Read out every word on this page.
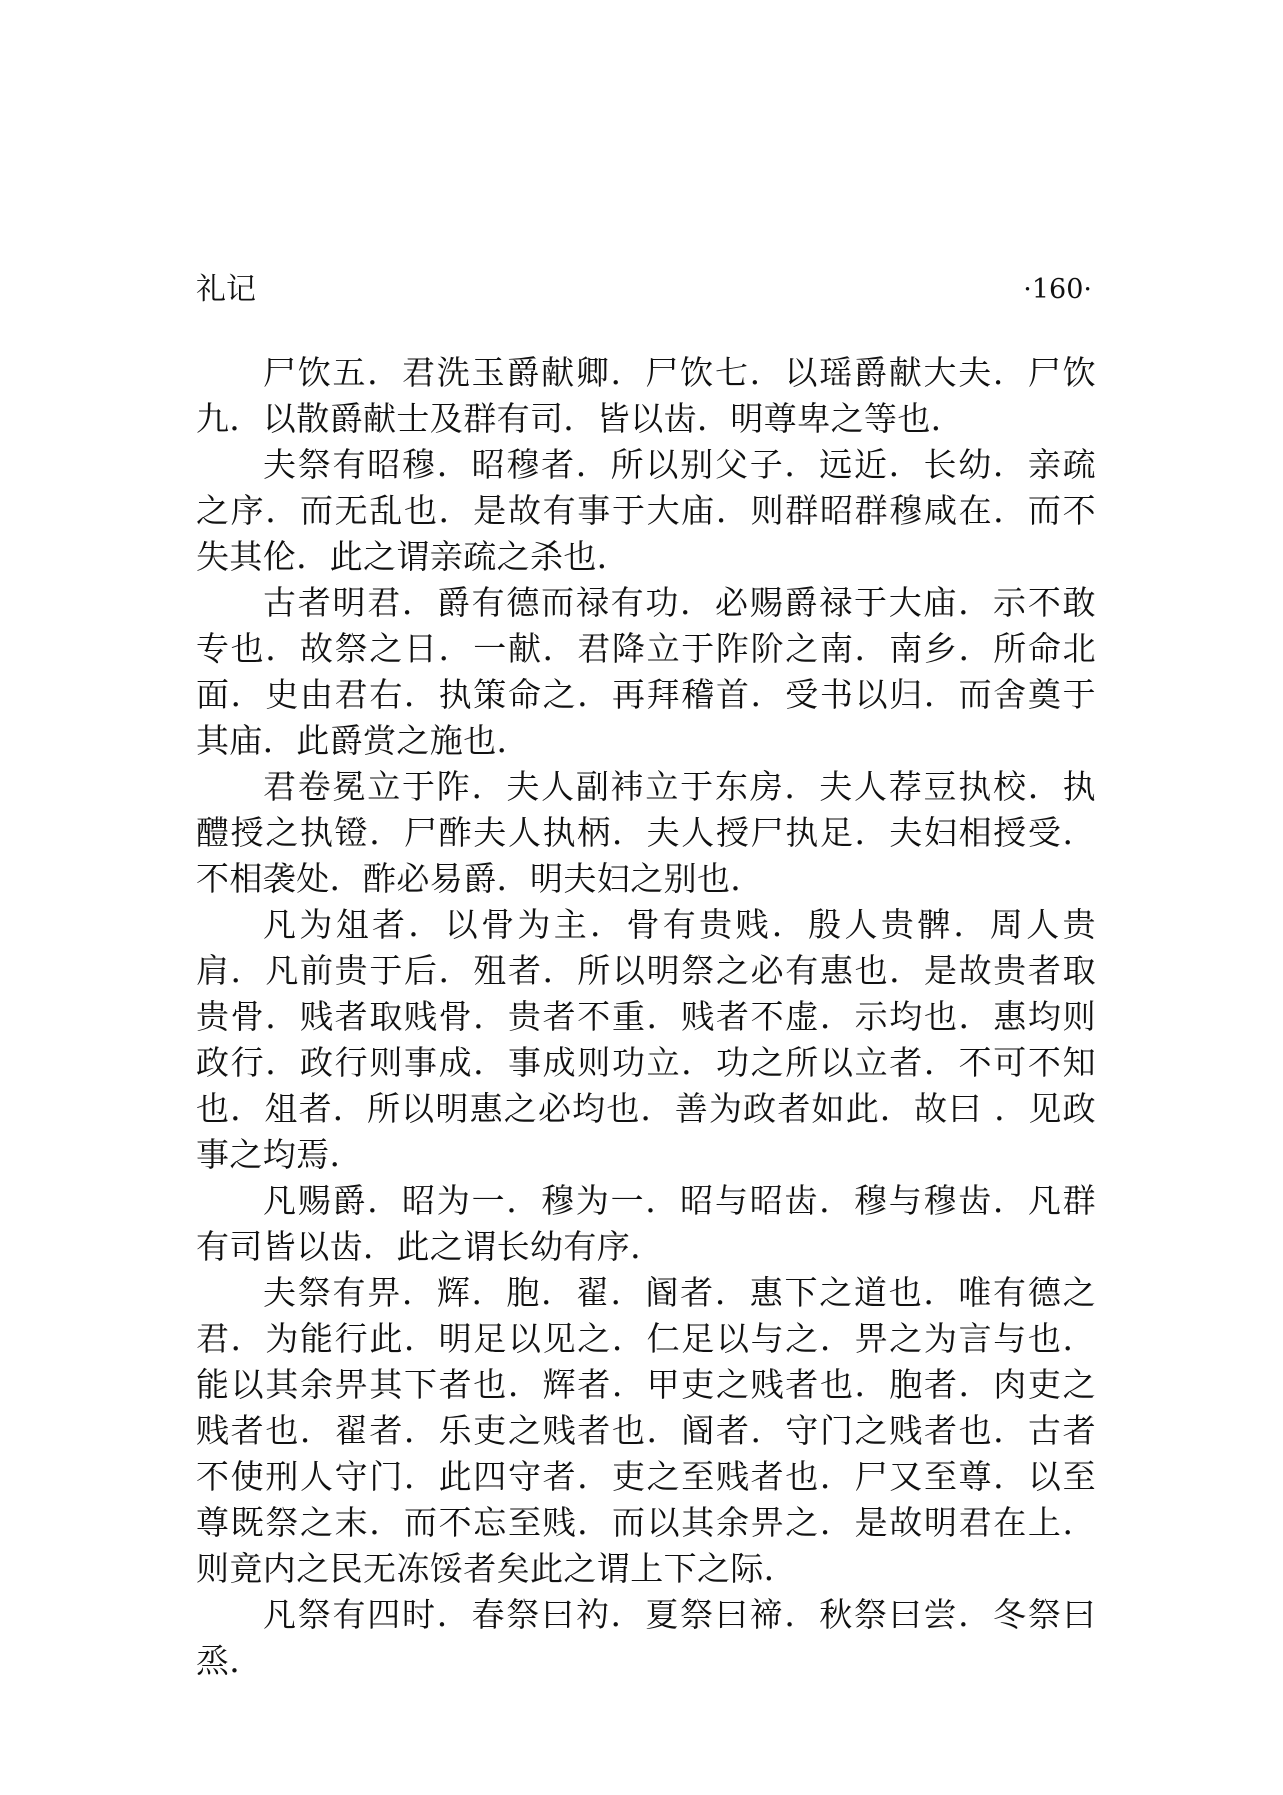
礼记	·160·

尸饮五．君洗玉爵献卿．尸饮七．以瑶爵献大夫．尸饮九．以散爵献士及群有司．皆以齿．明尊卑之等也．

夫祭有昭穆．昭穆者．所以别父子．远近．长幼．亲疏之序．而无乱也．是故有事于大庙．则群昭群穆咸在．而不失其伦．此之谓亲疏之杀也．

古者明君．爵有德而禄有功．必赐爵禄于大庙．示不敢专也．故祭之日．一献．君降立于阼阶之南．南乡．所命北面．史由君右．执策命之．再拜稽首．受书以归．而舍奠于其庙．此爵赏之施也．

君卷冕立于阼．夫人副袆立于东房．夫人荐豆执校．执醴授之执镫．尸酢夫人执柄．夫人授尸执足．夫妇相授受．不相袭处．酢必易爵．明夫妇之别也．

凡为俎者．以骨为主．骨有贵贱．殷人贵髀．周人贵肩．凡前贵于后．殂者．所以明祭之必有惠也．是故贵者取贵骨．贱者取贱骨．贵者不重．贱者不虚．示均也．惠均则政行．政行则事成．事成则功立．功之所以立者．不可不知也．俎者．所以明惠之必均也．善为政者如此．故曰 ．见政事之均焉．

凡赐爵．昭为一．穆为一．昭与昭齿．穆与穆齿．凡群有司皆以齿．此之谓长幼有序．

夫祭有畀．辉．胞．翟．阍者．惠下之道也．唯有德之君．为能行此．明足以见之．仁足以与之．畀之为言与也．能以其余畀其下者也．辉者．甲吏之贱者也．胞者．肉吏之贱者也．翟者．乐吏之贱者也．阍者．守门之贱者也．古者不使刑人守门．此四守者．吏之至贱者也．尸又至尊．以至尊既祭之末．而不忘至贱．而以其余畀之．是故明君在上．则竟内之民无冻馁者矣此之谓上下之际．

凡祭有四时．春祭曰礿．夏祭曰禘．秋祭曰尝．冬祭曰烝．
